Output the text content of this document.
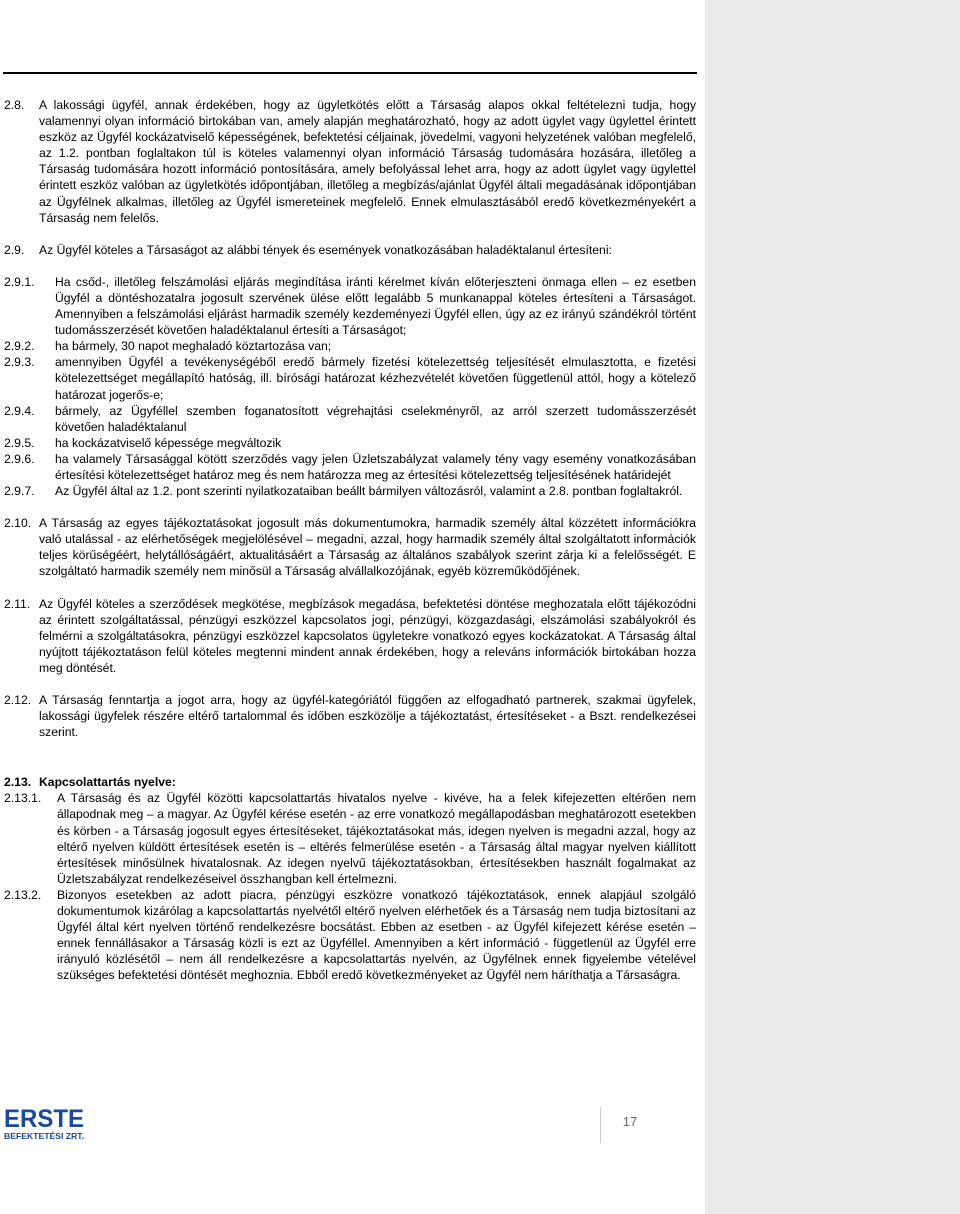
2.8.	A lakossági ügyfél, annak érdekében, hogy az ügyletkötés előtt a Társaság alapos okkal feltételezni tudja, hogy valamennyi olyan információ birtokában van, amely alapján meghatározható, hogy az adott ügylet vagy ügylettel érintett eszköz az Ügyfél kockázatviselő képességének, befektetési céljainak, jövedelmi, vagyoni helyzetének valóban megfelelő, az 1.2. pontban foglaltakon túl is köteles valamennyi olyan információ Társaság tudomására hozására, illetőleg a Társaság tudomására hozott információ pontosítására, amely befolyással lehet arra, hogy az adott ügylet vagy ügylettel érintett eszköz valóban az ügyletkötés időpontjában, illetőleg a megbízás/ajánlat Ügyfél általi megadásának időpontjában az Ügyfélnek alkalmas, illetőleg az Ügyfél ismereteinek megfelelő. Ennek elmulasztásából eredő következményekért a Társaság nem felelős.
2.9.	Az Ügyfél köteles a Társaságot az alábbi tények és események vonatkozásában haladéktalanul értesíteni:
2.9.1.	Ha csőd-, illetőleg felszámolási eljárás megindítása iránti kérelmet kíván előterjeszteni önmaga ellen – ez esetben Ügyfél a döntéshozatalra jogosult szervének ülése előtt legalább 5 munkanappal köteles értesíteni a Társaságot. Amennyiben a felszámolási eljárást harmadik személy kezdeményezi Ügyfél ellen, úgy az ez irányú szándékról történt tudomásszerzését követően haladéktalanul értesíti a Társaságot;
2.9.2.	ha bármely, 30 napot meghaladó köztartozása van;
2.9.3.	amennyiben Ügyfél a tevékenységéből eredő bármely fizetési kötelezettség teljesítését elmulasztotta, e fizetési kötelezettséget megállapító hatóság, ill. bírósági határozat kézhezvételét követően függetlenül attól, hogy a kötelező határozat jogerős-e;
2.9.4.	bármely, az Ügyféllel szemben foganatosított végrehajtási cselekményről, az arról szerzett tudomásszerzését követően haladéktalanul
2.9.5.	ha kockázatviselő képessége megváltozik
2.9.6.	ha valamely Társasággal kötött szerződés vagy jelen Üzletszabályzat valamely tény vagy esemény vonatkozásában értesítési kötelezettséget határoz meg és nem határozza meg az értesítési kötelezettség teljesítésének határidejét
2.9.7.	Az Ügyfél által az 1.2. pont szerinti nyilatkozataiban beállt bármilyen változásról, valamint a 2.8. pontban foglaltakról.
2.10. A Társaság az egyes tájékoztatásokat jogosult más dokumentumokra, harmadik személy által közzétett információkra való utalással - az elérhetőségek megjelölésével – megadni, azzal, hogy harmadik személy által szolgáltatott információk teljes körűségéért, helytállóságáért, aktualitásáért a Társaság az általános szabályok szerint zárja ki a felelősségét. E szolgáltató harmadik személy nem minősül a Társaság alvállalkozójának, egyéb közreműködőjének.
2.11. Az Ügyfél köteles a szerződések megkötése, megbízások megadása, befektetési döntése meghozatala előtt tájékozódni az érintett szolgáltatással, pénzügyi eszközzel kapcsolatos jogi, pénzügyi, közgazdasági, elszámolási szabályokról és felmérni a szolgáltatásokra, pénzügyi eszközzel kapcsolatos ügyletekre vonatkozó egyes kockázatokat. A Társaság által nyújtott tájékoztatáson felül köteles megtenni mindent annak érdekében, hogy a releváns információk birtokában hozza meg döntését.
2.12. A Társaság fenntartja a jogot arra, hogy az ügyfél-kategóriától függően az elfogadható partnerek, szakmai ügyfelek, lakossági ügyfelek részére eltérő tartalommal és időben eszközölje a tájékoztatást, értesítéseket - a Bszt. rendelkezései szerint.
2.13. Kapcsolattartás nyelve:
2.13.1.	A Társaság és az Ügyfél közötti kapcsolattartás hivatalos nyelve - kivéve, ha a felek kifejezetten eltérően nem állapodnak meg – a magyar. Az Ügyfél kérése esetén - az erre vonatkozó megállapodásban meghatározott esetekben és körben - a Társaság jogosult egyes értesítéseket, tájékoztatásokat más, idegen nyelven is megadni azzal, hogy az eltérő nyelven küldött értesítések esetén is – eltérés felmerülése esetén - a Társaság által magyar nyelven kiállított értesítések minősülnek hivatalosnak. Az idegen nyelvű tájékoztatásokban, értesítésekben használt fogalmakat az Üzletszabályzat rendelkezéseivel összhangban kell értelmezni.
2.13.2.	Bizonyos esetekben az adott piacra, pénzügyi eszközre vonatkozó tájékoztatások, ennek alapjául szolgáló dokumentumok kizárólag a kapcsolattartás nyelvétől eltérő nyelven elérhetőek és a Társaság nem tudja biztosítani az Ügyfél által kért nyelven történő rendelkezésre bocsátást. Ebben az esetben - az Ügyfél kifejezett kérése esetén – ennek fennállásakor a Társaság közli is ezt az Ügyféllel. Amennyiben a kért információ - függetlenül az Ügyfél erre irányuló közlésétől – nem áll rendelkezésre a kapcsolattartás nyelvén, az Ügyfélnek ennek figyelembe vételével szükséges befektetési döntését meghoznia. Ebből eredő következményeket az Ügyfél nem háríthatja a Társaságra.
ERSTE
BEFEKTETÉSI ZRT.
17
